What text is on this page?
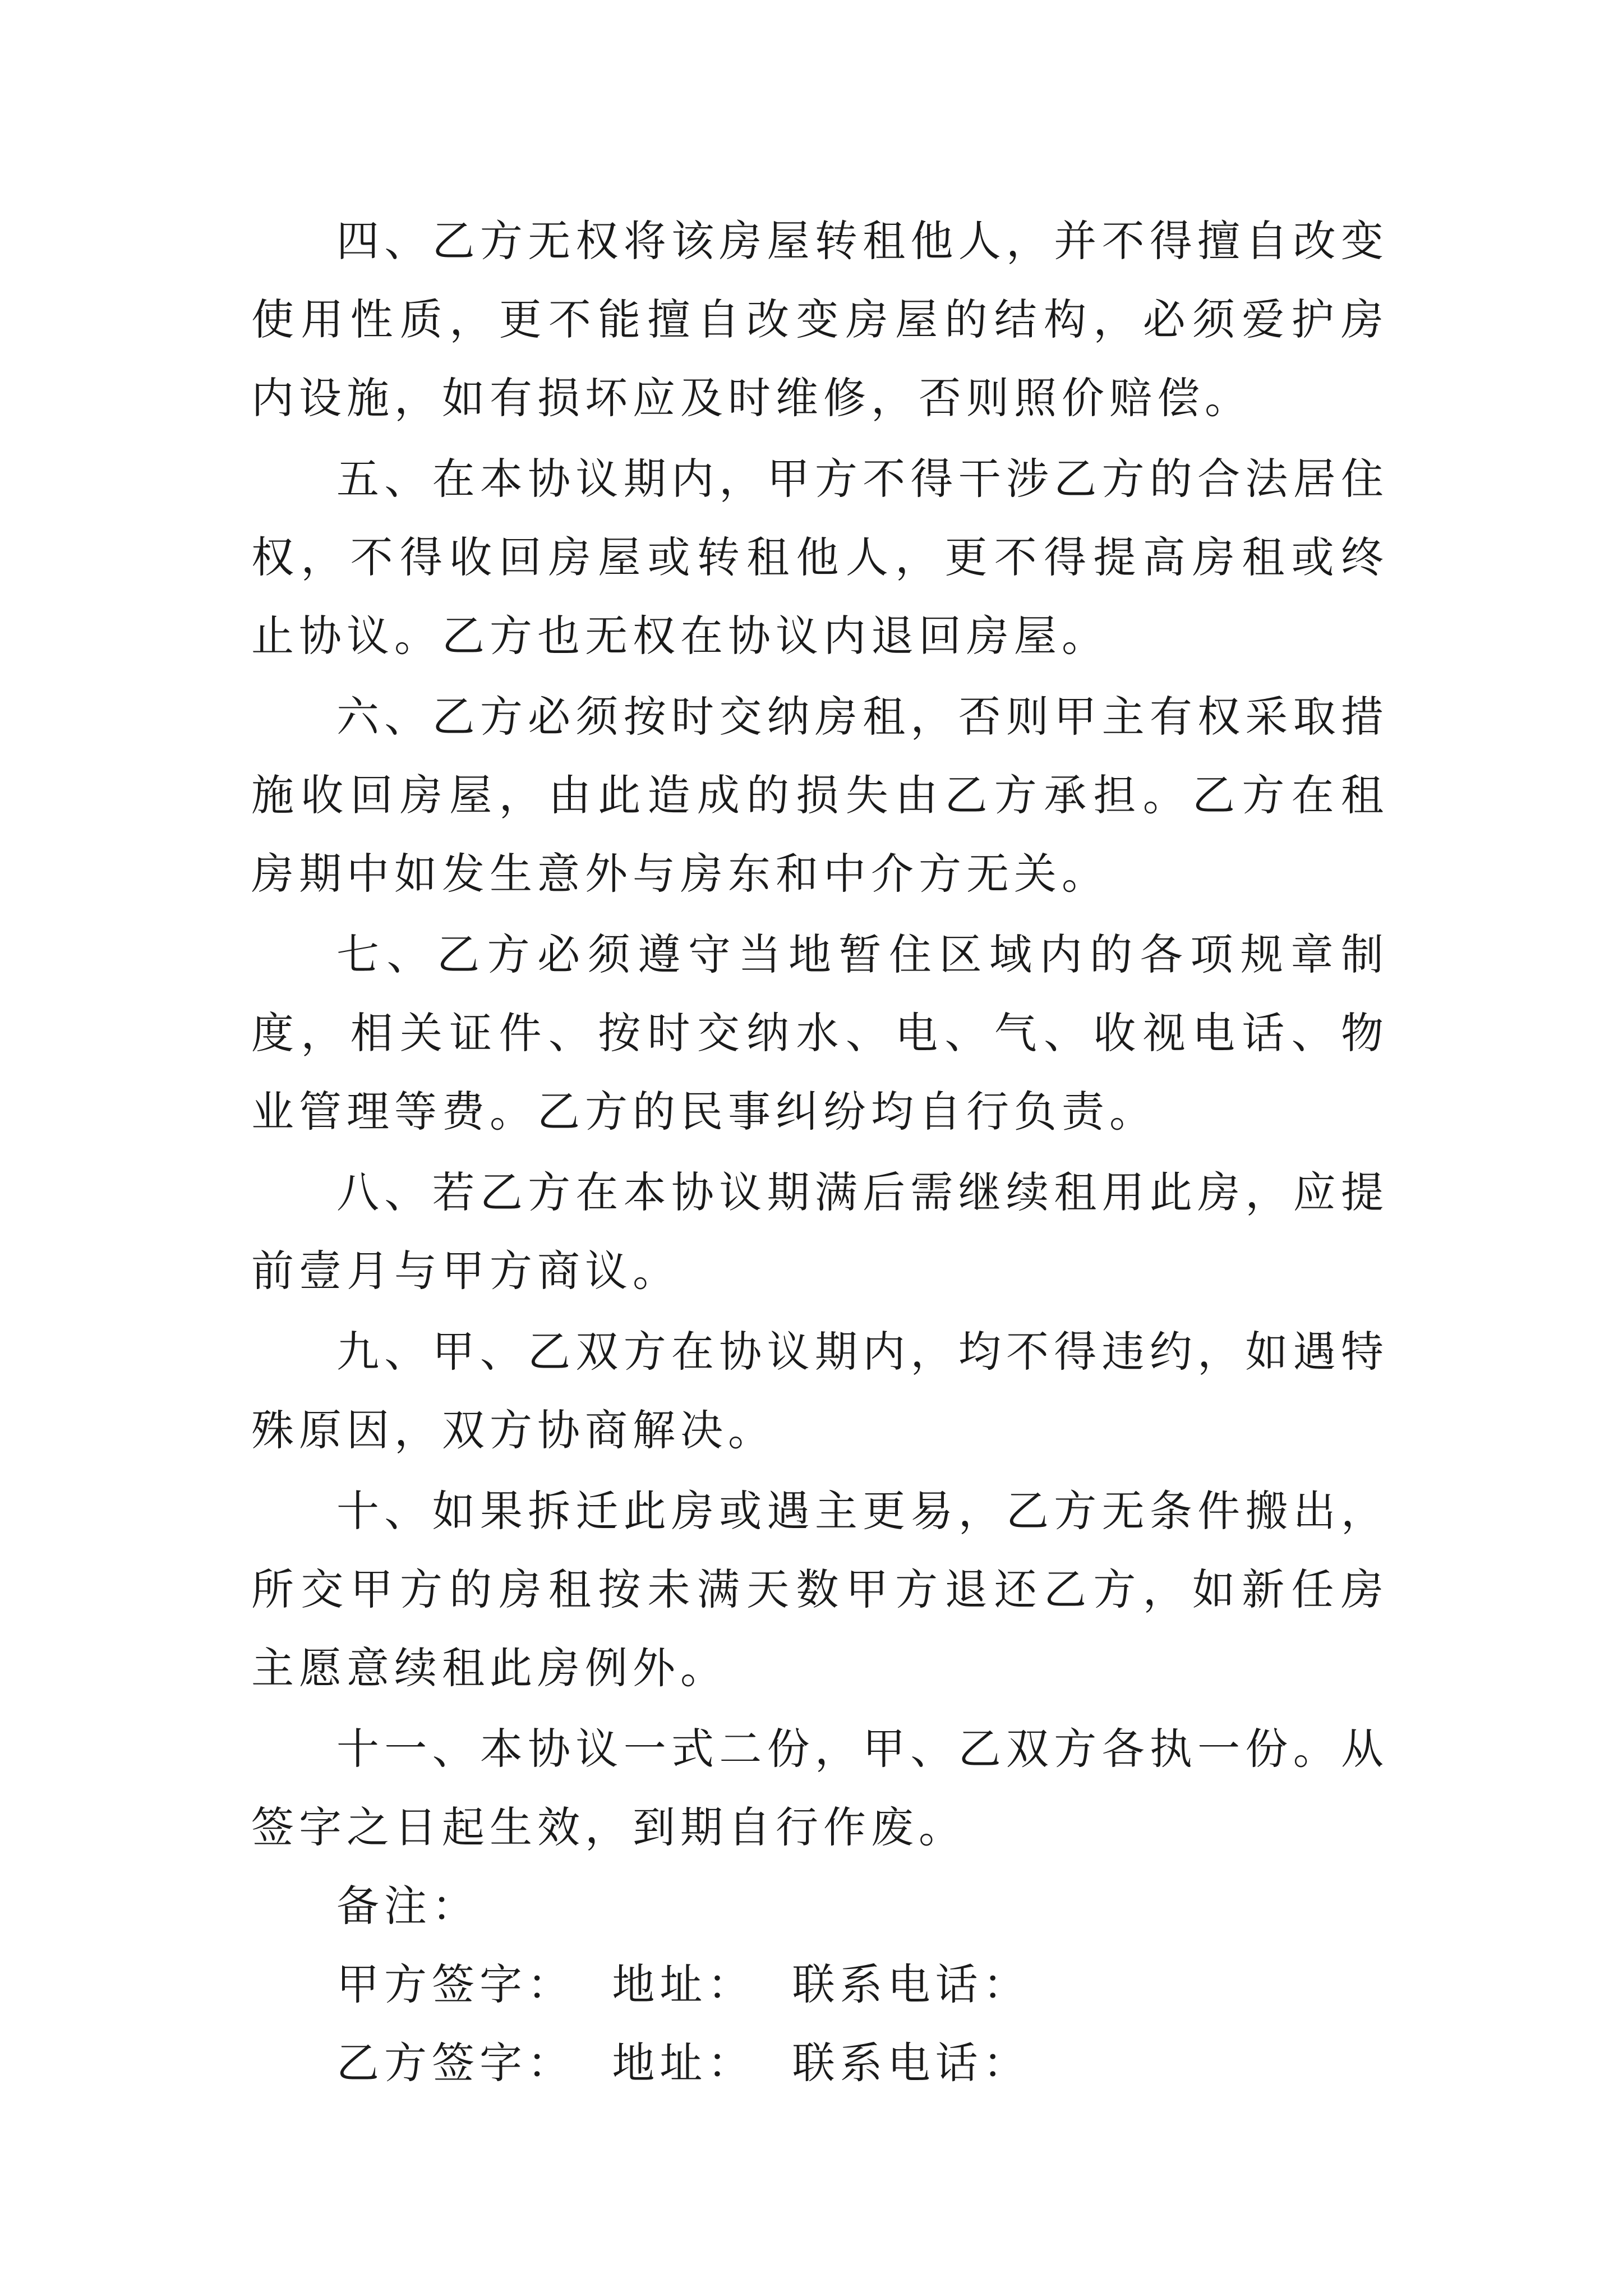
四、乙方无权将该房屋转租他人，并不得擅自改变使用性质，更不能擅自改变房屋的结构，必须爱护房内设施，如有损坏应及时维修，否则照价赔偿。

五、在本协议期内，甲方不得干涉乙方的合法居住权，不得收回房屋或转租他人，更不得提高房租或终止协议。乙方也无权在协议内退回房屋。

六、乙方必须按时交纳房租，否则甲主有权采取措施收回房屋，由此造成的损失由乙方承担。乙方在租房期中如发生意外与房东和中介方无关。

七、乙方必须遵守当地暂住区域内的各项规章制度，相关证件、按时交纳水、电、气、收视电话、物业管理等费。乙方的民事纠纷均自行负责。

八、若乙方在本协议期满后需继续租用此房，应提前壹月与甲方商议。

九、甲、乙双方在协议期内，均不得违约，如遇特殊原因，双方协商解决。

十、如果拆迁此房或遇主更易，乙方无条件搬出，所交甲方的房租按未满天数甲方退还乙方，如新任房主愿意续租此房例外。

十一、本协议一式二份，甲、乙双方各执一份。从签字之日起生效，到期自行作废。

备注：

甲方签字：  地址：  联系电话：

乙方签字：  地址：  联系电话：
